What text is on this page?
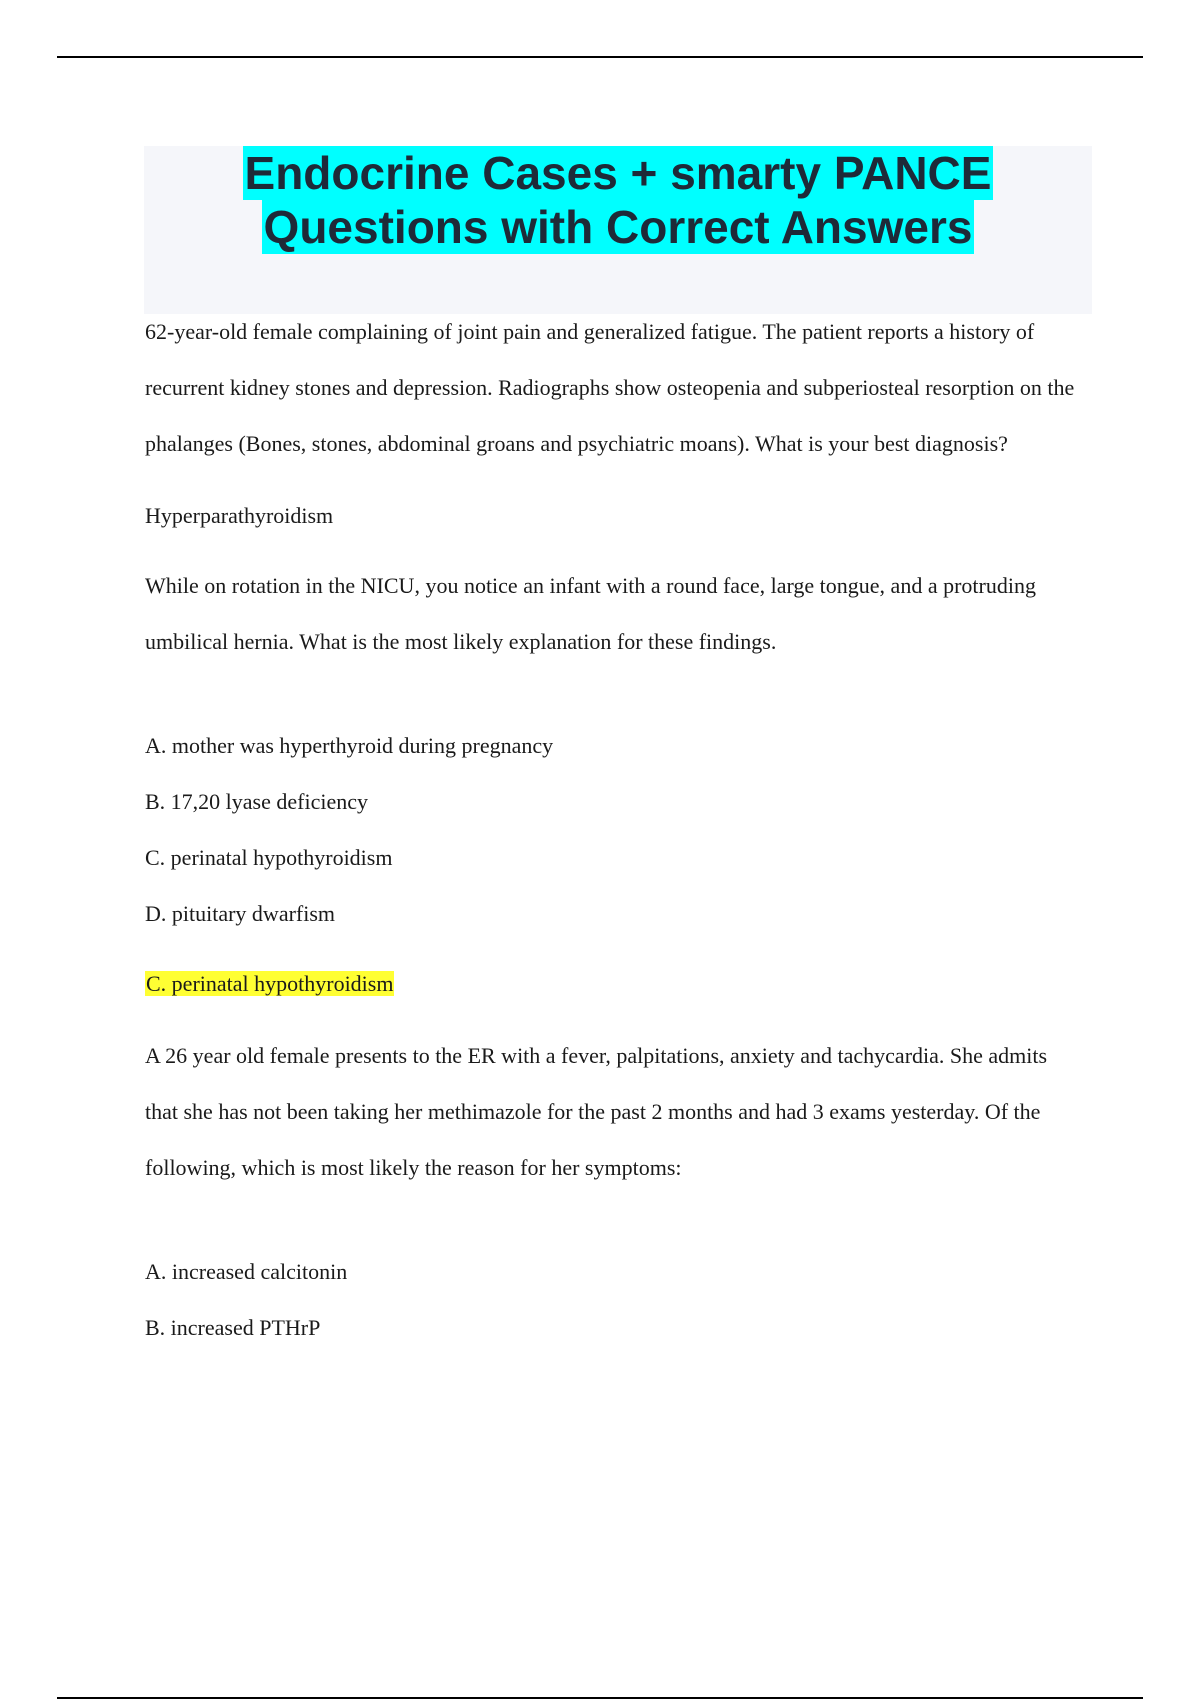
Endocrine Cases + smarty PANCE
Questions with Correct Answers

62-year-old female complaining of joint pain and generalized fatigue. The patient reports a history of recurrent kidney stones and depression. Radiographs show osteopenia and subperiosteal resorption on the phalanges (Bones, stones, abdominal groans and psychiatric moans). What is your best diagnosis?

Hyperparathyroidism

While on rotation in the NICU, you notice an infant with a round face, large tongue, and a protruding umbilical hernia. What is the most likely explanation for these findings.

A. mother was hyperthyroid during pregnancy

B. 17,20 lyase deficiency

C. perinatal hypothyroidism

D. pituitary dwarfism

C. perinatal hypothyroidism

A 26 year old female presents to the ER with a fever, palpitations, anxiety and tachycardia. She admits that she has not been taking her methimazole for the past 2 months and had 3 exams yesterday. Of the following, which is most likely the reason for her symptoms:

A. increased calcitonin

B. increased PTHrP
